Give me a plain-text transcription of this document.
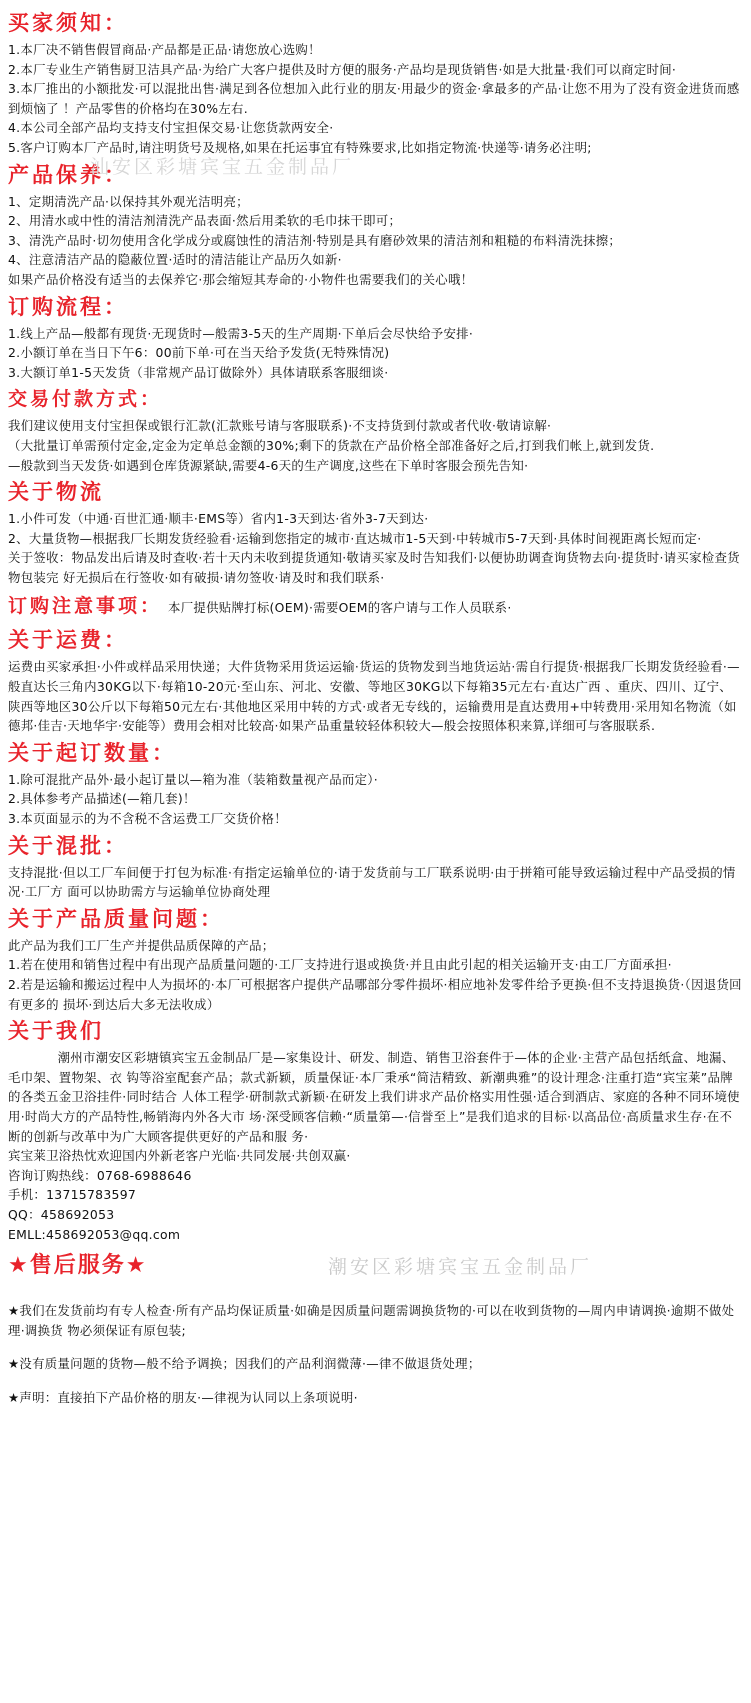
汕安区彩塘宾宝五金制品厂
买家须知：

1.本厂决不销售假冒商品·产品都是正品·请您放心选购！

2.本厂专业生产销售厨卫洁具产品·为给广大客户提供及时方便的服务·产品均是现货销售·如是大批量·我们可以商定时间·

3.本厂推出的小额批发·可以混批出售·满足到各位想加入此行业的朋友·用最少的资金·拿最多的产品·让您不用为了没有资金进货而感到烦恼了 ！产品零售的价格均在30%左右.

4.本公司全部产品均支持支付宝担保交易·让您货款两安全·

5.客户订购本厂产品时,请注明货号及规格,如果在托运事宜有特殊要求,比如指定物流·快递等·请务必注明;

产品保养：

1、定期清洗产品·以保持其外观光洁明亮；

2、用清水或中性的清洁剂清洗产品表面·然后用柔软的毛巾抹干即可；

3、清洗产品时·切勿使用含化学成分或腐蚀性的清洁剂·特别是具有磨砂效果的清洁剂和粗糙的布料清洗抹擦；

4、注意清洁产品的隐蔽位置·适时的清洁能让产品历久如新·

如果产品价格没有适当的去保养它·那会缩短其寿命的·小物件也需要我们的关心哦！

订购流程：

1.线上产品—般都有现货·无现货时—般需3-5天的生产周期·下单后会尽快给予安排·

2.小额订单在当日下午6：00前下单·可在当天给予发货(无特殊情况)

3.大额订单1-5天发货（非常规产品订做除外）具体请联系客服细谈·

交易付款方式：

我们建议使用支付宝担保或银行汇款(汇款账号请与客服联系)·不支持货到付款或者代收·敬请谅解·

（大批量订单需预付定金,定金为定单总金额的30%;剩下的货款在产品价格全部准备好之后,打到我们帐上,就到发货.

—般款到当天发货·如遇到仓库货源紧缺,需要4-6天的生产调度,这些在下单时客服会预先告知·

关于物流

1.小件可发（中通·百世汇通·顺丰·EMS等）省内1-3天到达·省外3-7天到达·

2、大量货物—根据我厂长期发货经验看·运输到您指定的城市·直达城市1-5天到·中转城市5-7天到·具体时间视距离长短而定·

关于签收：物品发出后请及时查收·若十天内未收到提货通知·敬请买家及时告知我们·以便协助调查询货物去向·提货时·请买家检查货物包装完 好无损后在行签收·如有破损·请勿签收·请及时和我们联系·

订购注意事项： 本厂提供贴牌打标(OEM)·需要OEM的客户请与工作人员联系·
关于运费：

运费由买家承担·小件或样品采用快递；大件货物采用货运运输·货运的货物发到当地货运站·需自行提货·根据我厂长期发货经验看·—般直达长三角内30KG以下·每箱10-20元·至山东、河北、安徽、等地区30KG以下每箱35元左右·直达广西 、重庆、四川、辽宁、陕西等地区30公斤以下每箱50元左右·其他地区采用中转的方式·或者无专线的，运输费用是直达费用+中转费用·采用知名物流（如德邦·佳吉·天地华宇·安能等）费用会相对比较高·如果产品重量较轻体积较大—般会按照体积来算,详细可与客服联系.

关于起订数量：

1.除可混批产品外·最小起订量以—箱为准（装箱数量视产品而定）·

2.具体参考产品描述(—箱几套)！

3.本页面显示的为不含税不含运费工厂交货价格！

关于混批：

支持混批·但以工厂车间便于打包为标准·有指定运输单位的·请于发货前与工厂联系说明·由于拼箱可能导致运输过程中产品受损的情况·工厂方 面可以协助需方与运输单位协商处理

关于产品质量问题：

此产品为我们工厂生产并提供品质保障的产品；

1.若在使用和销售过程中有出现产品质量问题的·工厂支持进行退或换货·并且由此引起的相关运输开支·由工厂方面承担·

2.若是运输和搬运过程中人为损坏的·本厂可根据客户提供产品哪部分零件损坏·相应地补发零件给予更换·但不支持退换货·（因退货回有更多的 损坏·到达后大多无法收成）

关于我们

潮州市潮安区彩塘镇宾宝五金制品厂是—家集设计、研发、制造、销售卫浴套件于—体的企业·主营产品包括纸盒、地漏、毛巾架、置物架、衣 钩等浴室配套产品；款式新颖，质量保证·本厂秉承“简洁精致、新潮典雅”的设计理念·注重打造“宾宝莱”品牌的各类五金卫浴挂件·同时结合 人体工程学·研制款式新颖·在研发上我们讲求产品价格实用性强·适合到酒店、家庭的各种不同环境使用·时尚大方的产品特性,畅销海内外各大市 场·深受顾客信赖·“质量第—·信誉至上”是我们追求的目标·以高品位·高质量求生存·在不断的创新与改革中为广大顾客提供更好的产品和服 务·

宾宝莱卫浴热忱欢迎国内外新老客户光临·共同发展·共创双赢·

咨询订购热线：0768-6988646

手机：13715783597

QQ：458692053

EMLL:458692053@qq.com

★售后服务★	潮安区彩塘宾宝五金制品厂

★我们在发货前均有专人检查·所有产品均保证质量·如确是因质量问题需调换货物的·可以在收到货物的—周内申请调换·逾期不做处理·调换货 物必须保证有原包装;

★没有质量问题的货物—般不给予调换；因我们的产品利润微薄·—律不做退货处理；

★声明：直接拍下产品价格的朋友·—律视为认同以上条项说明·
